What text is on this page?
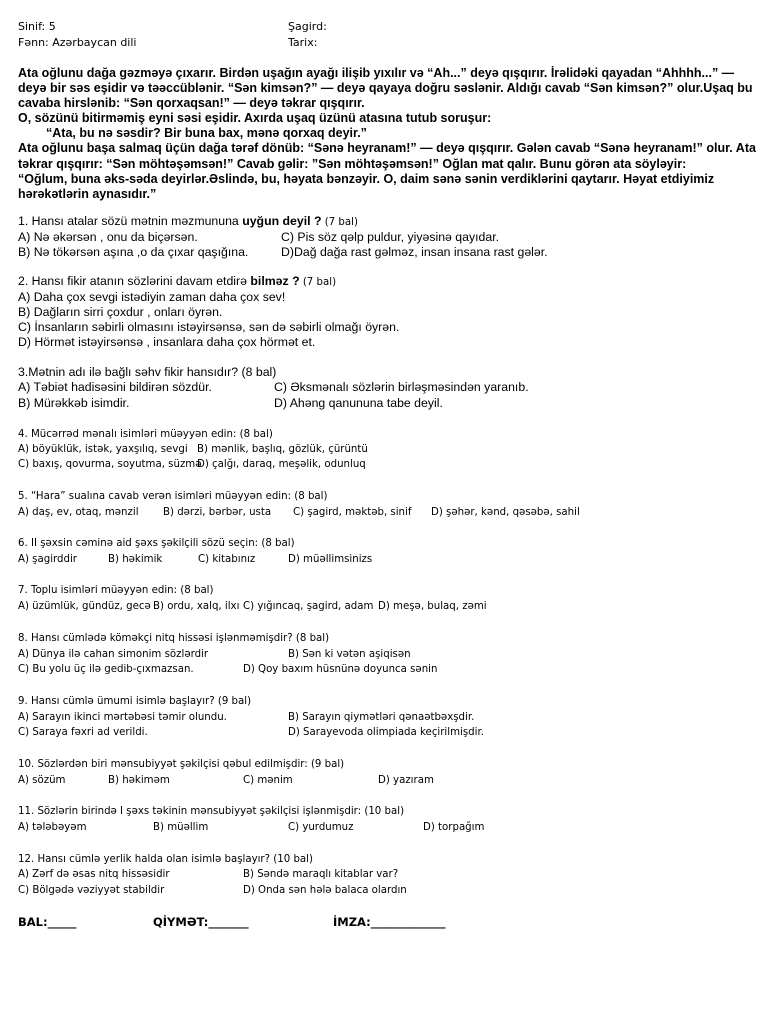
Sinif: 5
Fənn: Azərbaycan dili
Şagird:
Tarix:

Ata oğlunu dağa gəzməyə çıxarır. Birdən uşağın ayağı ilişib yıxılır və “Ah...” deyə qışqırır. İrəlidəki qayadan “Ahhhh...” — deyə bir səs eşidir və təəccüblənir. “Sən kimsən?” — deyə qayaya doğru səslənir. Aldığı cavab “Sən kimsən?” olur.Uşaq bu cavaba hirslənib: “Sən qorxaqsan!” — deyə təkrar qışqırır.

O, sözünü bitirməmiş eyni səsi eşidir. Axırda uşaq üzünü atasına tutub soruşur:

“Ata, bu nə səsdir? Bir buna bax, mənə qorxaq deyir.”

Ata oğlunu başa salmaq üçün dağa tərəf dönüb: “Sənə heyranam!” — deyə qışqırır. Gələn cavab “Sənə heyranam!” olur. Ata təkrar qışqırır: “Sən möhtəşəmsən!” Cavab gəlir: ”Sən möhtəşəmsən!” Oğlan mat qalır. Bunu görən ata söyləyir:

“Oğlum, buna əks-səda deyirlər.Əslində, bu, həyata bənzəyir. O, daim sənə sənin verdiklərini qaytarır. Həyat etdiyimiz hərəkətlərin aynasıdır.”

1. Hansı atalar sözü mətnin məzmununa uyğun deyil ? (7 bal)
A) Nə əkərsən , onu da biçərsən.	C) Pis söz qəlp puldur, yiyəsinə qayıdar.
B) Nə tökərsən aşına ,o da çıxar qaşığına.	D)Dağ dağa rast gəlməz, insan insana rast gələr.
2. Hansı fikir atanın sözlərini davam etdirə bilməz ? (7 bal)
A) Daha çox sevgi istədiyin zaman daha çox sev!
B) Dağların sirri çoxdur , onları öyrən.
C) İnsanların səbirli olmasını istəyirsənsə, sən də səbirli olmağı öyrən.
D) Hörmət istəyirsənsə , insanlara daha çox hörmət et.
3.Mətnin adı ilə bağlı səhv fikir hansıdır? (8 bal)
A) Təbiət hadisəsini bildirən sözdür.	C) Əksmənalı sözlərin birləşməsindən yaranıb.
B) Mürəkkəb isimdir.	D) Ahəng qanununa tabe deyil.
4. Mücərrəd mənalı isimləri müəyyən edin: (8 bal)
A) böyüklük, istək, yaxşılıq, sevgi B) mənlik, başlıq, gözlük, çürüntü
C) baxış, qovurma, soyutma, süzmə
D) çalğı, daraq, meşəlik, odunluq
5. “Hara” sualına cavab verən isimləri müəyyən edin: (8 bal)
A) daş, ev, otaq, mənzil B) dərzi, bərbər, usta C) şagird, məktəb, sinif D) şəhər, kənd, qəsəbə, sahil
6. II şəxsin cəminə aid şəxs şəkilçili sözü seçin: (8 bal)
A) şagirddir	B) həkimik	C) kitabınız	D) müəllimsinizs
7. Toplu isimləri müəyyən edin: (8 bal)
A) üzümlük, gündüz, gecə B) ordu, xalq, ilxı C) yığıncaq, şagird, adam D) meşə, bulaq, zəmi
8. Hansı cümlədə köməkçi nitq hissəsi işlənməmişdir? (8 bal)
A) Dünya ilə cahan simonim sözlərdir	B) Sən ki vətən aşiqisən
C) Bu yolu üç ilə gedib-çıxmazsan.	D) Qoy baxım hüsnünə doyunca sənin
9. Hansı cümlə ümumi isimlə başlayır? (9 bal)
A) Sarayın ikinci mərtəbəsi təmir olundu.	B) Sarayın qiymətləri qənaətbəxşdir.
C) Saraya fəxri ad verildi.	D) Sarayevoda olimpiada keçirilmişdir.
10. Sözlərdən biri mənsubiyyət şəkilçisi qəbul edilmişdir: (9 bal)
A) sözüm	B) həkiməm	C) mənim	D) yazıram
11. Sözlərin birində I şəxs təkinin mənsubiyyət şəkilçisi işlənmişdir: (10 bal)
A) tələbəyəm	B) müəllim	C) yurdumuz	D) torpağım
12. Hansı cümlə yerlik halda olan isimlə başlayır? (10 bal)
A) Zərf də əsas nitq hissəsidir	B) Səndə maraqlı kitablar var?
C) Bölgədə vəziyyət stabildir	D) Onda sən hələ balaca olardın
BAL:_____	QİYMƏT:_______	İMZA:_____________
